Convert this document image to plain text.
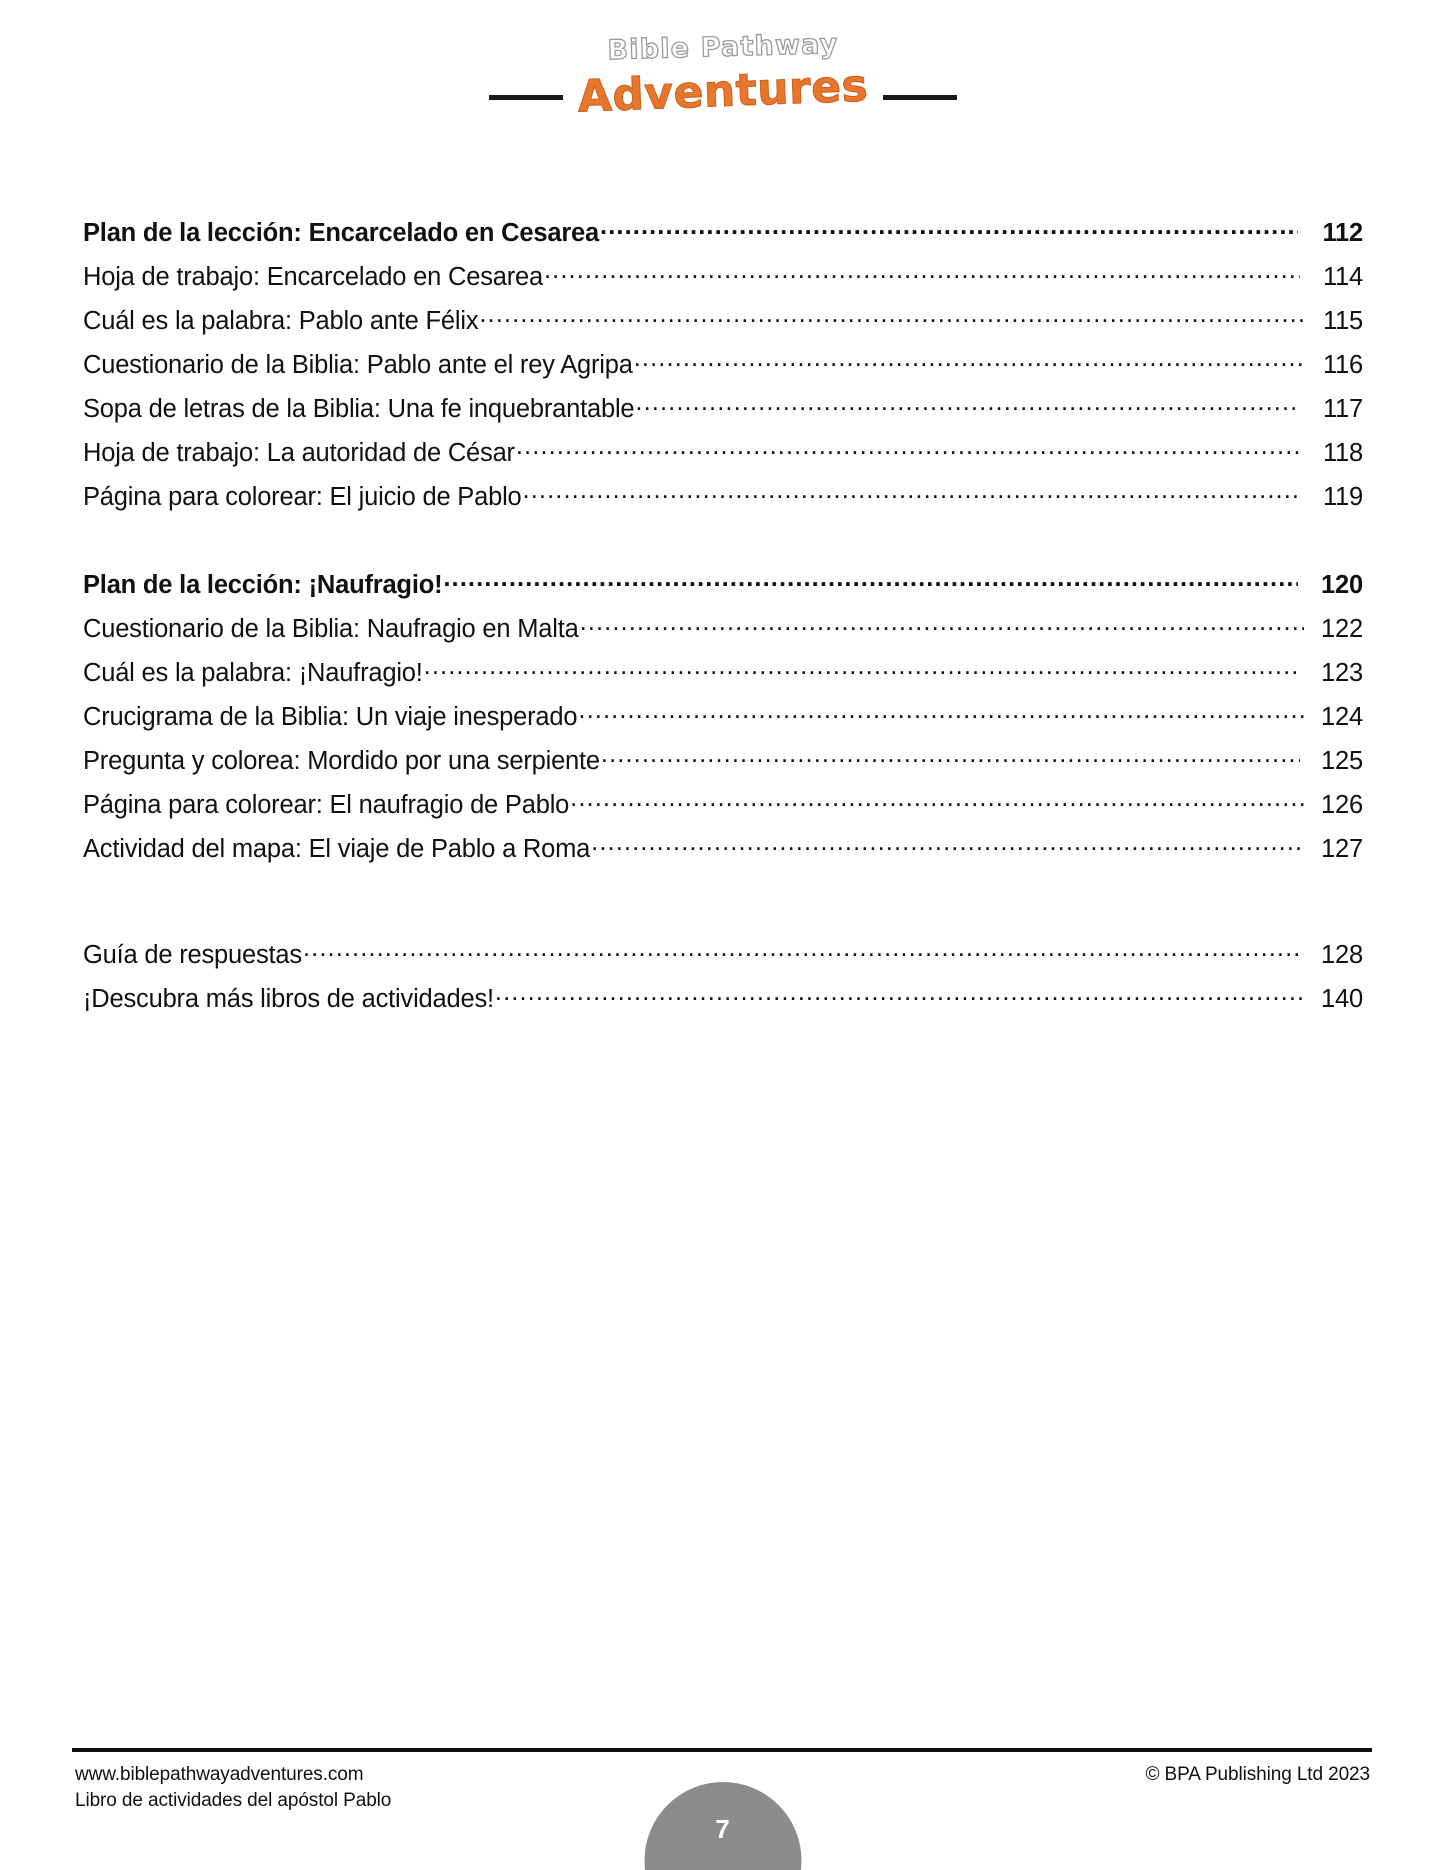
Bible Pathway
Adventures
Plan de la lección: Encarcelado en Cesarea .....	112
Hoja de trabajo: Encarcelado en Cesarea .....	114
Cuál es la palabra: Pablo ante Félix .....	115
Cuestionario de la Biblia: Pablo ante el rey Agripa .....	116
Sopa de letras de la Biblia: Una fe inquebrantable .....	117
Hoja de trabajo: La autoridad de César .....	118
Página para colorear: El juicio de Pablo .....	119
Plan de la lección: ¡Naufragio! .....	120
Cuestionario de la Biblia: Naufragio en Malta .....	122
Cuál es la palabra: ¡Naufragio! .....	123
Crucigrama de la Biblia: Un viaje inesperado .....	124
Pregunta y colorea: Mordido por una serpiente .....	125
Página para colorear: El naufragio de Pablo .....	126
Actividad del mapa: El viaje de Pablo a Roma .....	127
Guía de respuestas .....	128
¡Descubra más libros de actividades! .....	140
www.biblepathwayadventures.com
Libro de actividades del apóstol Pablo
© BPA Publishing Ltd 2023
7
